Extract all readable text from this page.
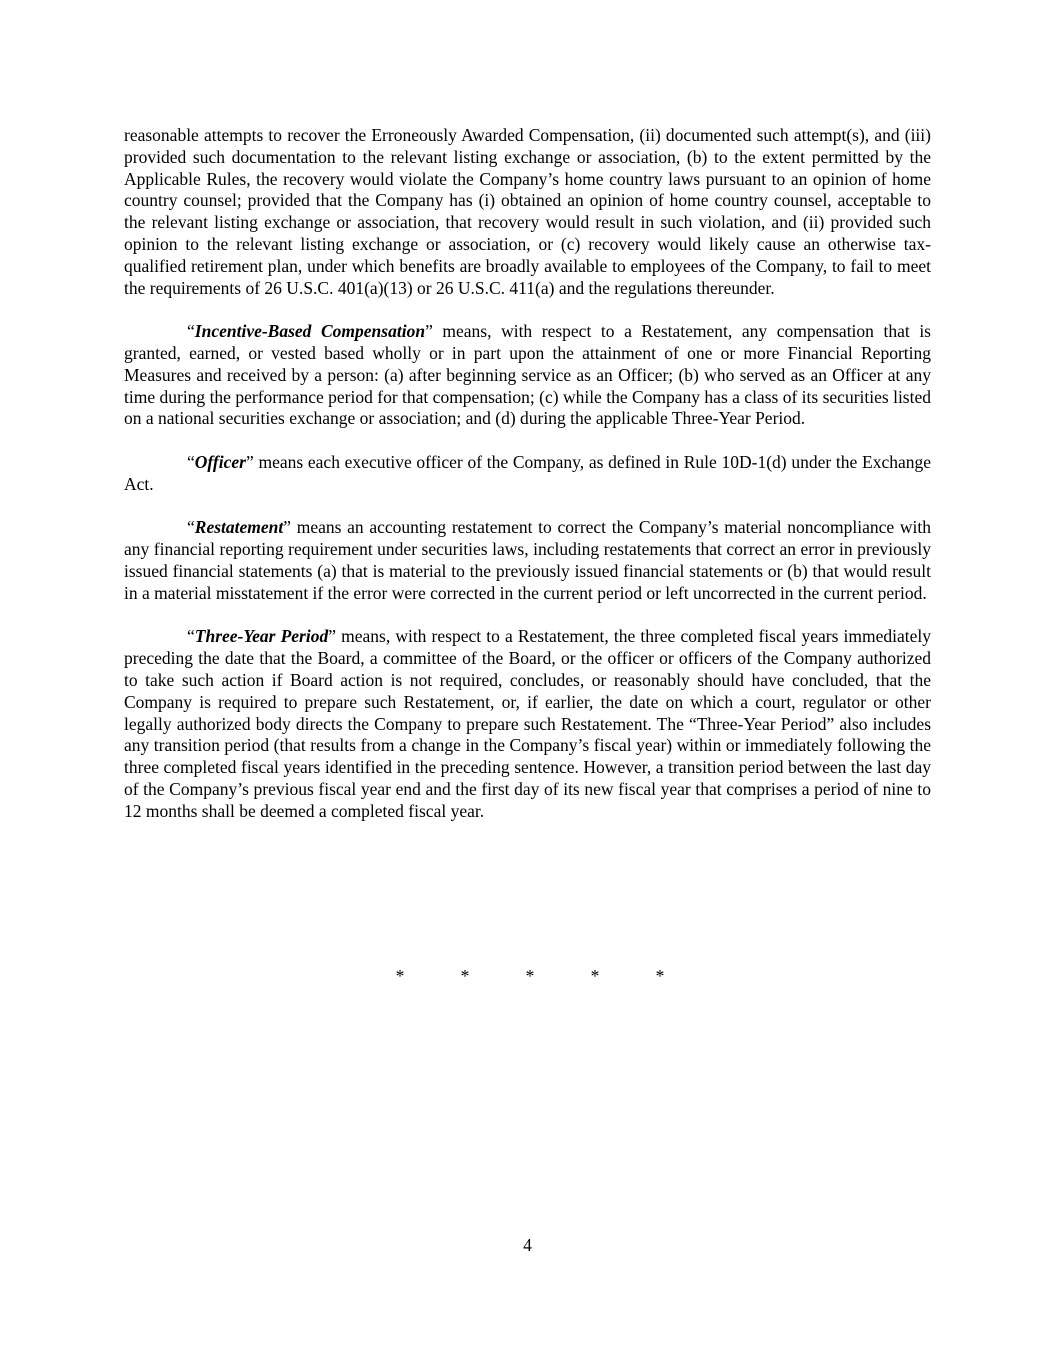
reasonable attempts to recover the Erroneously Awarded Compensation, (ii) documented such attempt(s), and (iii) provided such documentation to the relevant listing exchange or association, (b) to the extent permitted by the Applicable Rules, the recovery would violate the Company’s home country laws pursuant to an opinion of home country counsel; provided that the Company has (i) obtained an opinion of home country counsel, acceptable to the relevant listing exchange or association, that recovery would result in such violation, and (ii) provided such opinion to the relevant listing exchange or association, or (c) recovery would likely cause an otherwise tax-qualified retirement plan, under which benefits are broadly available to employees of the Company, to fail to meet the requirements of 26 U.S.C. 401(a)(13) or 26 U.S.C. 411(a) and the regulations thereunder.

“Incentive-Based Compensation” means, with respect to a Restatement, any compensation that is granted, earned, or vested based wholly or in part upon the attainment of one or more Financial Reporting Measures and received by a person: (a) after beginning service as an Officer; (b) who served as an Officer at any time during the performance period for that compensation; (c) while the Company has a class of its securities listed on a national securities exchange or association; and (d) during the applicable Three-Year Period.

“Officer” means each executive officer of the Company, as defined in Rule 10D-1(d) under the Exchange Act.

“Restatement” means an accounting restatement to correct the Company’s material noncompliance with any financial reporting requirement under securities laws, including restatements that correct an error in previously issued financial statements (a) that is material to the previously issued financial statements or (b) that would result in a material misstatement if the error were corrected in the current period or left uncorrected in the current period.

“Three-Year Period” means, with respect to a Restatement, the three completed fiscal years immediately preceding the date that the Board, a committee of the Board, or the officer or officers of the Company authorized to take such action if Board action is not required, concludes, or reasonably should have concluded, that the Company is required to prepare such Restatement, or, if earlier, the date on which a court, regulator or other legally authorized body directs the Company to prepare such Restatement. The “Three-Year Period” also includes any transition period (that results from a change in the Company’s fiscal year) within or immediately following the three completed fiscal years identified in the preceding sentence. However, a transition period between the last day of the Company’s previous fiscal year end and the first day of its new fiscal year that comprises a period of nine to 12 months shall be deemed a completed fiscal year.

*	*	*	*	*
4
